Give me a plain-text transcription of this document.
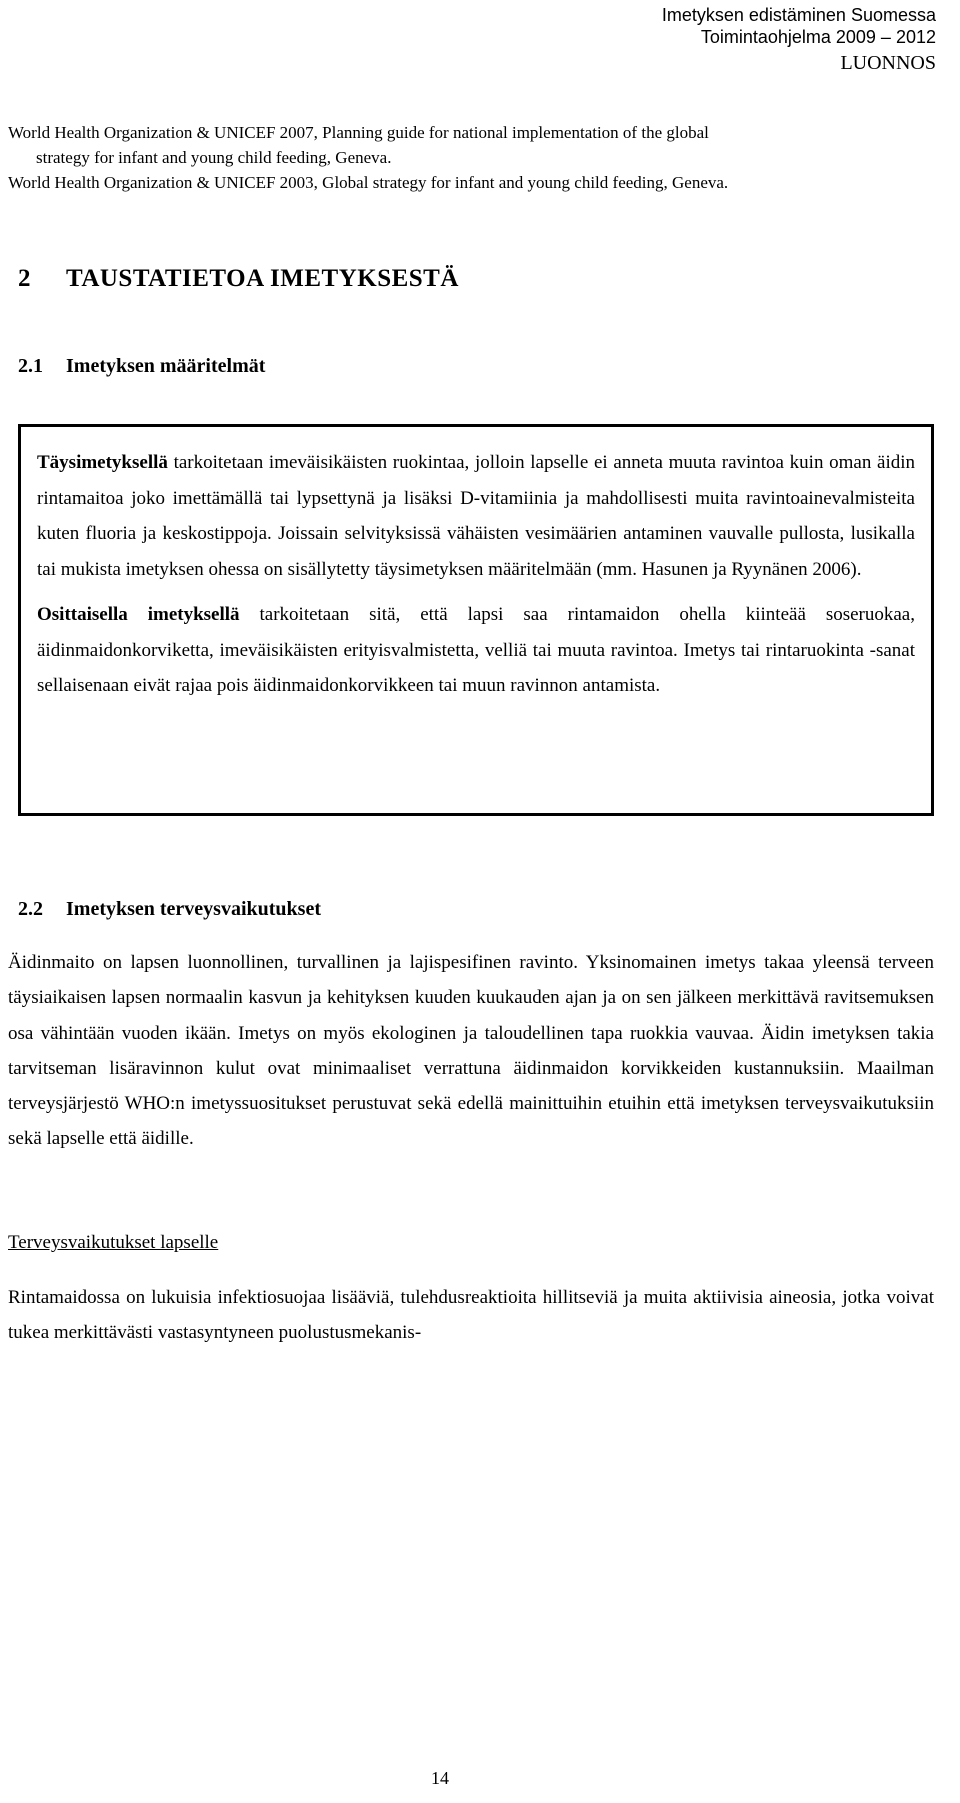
Imetyksen edistäminen Suomessa
Toimintaohjelma 2009 – 2012
LUONNOS

World Health Organization & UNICEF 2007, Planning guide for national implementation of the global
strategy for infant and young child feeding, Geneva.

World Health Organization & UNICEF 2003, Global strategy for infant and young child feeding, Geneva.

2 TAUSTATIETOA IMETYKSESTÄ
2.1 Imetyksen määritelmät

Täysimetyksellä tarkoitetaan imeväisikäisten ruokintaa, jolloin lapselle ei anneta muuta ravintoa kuin oman äidin rintamaitoa joko imettämällä tai lypsettynä ja lisäksi D-vitamiinia ja mahdollisesti muita ravintoainevalmisteita kuten fluoria ja keskostippoja. Joissain selvityksissä vähäisten vesimäärien antaminen vauvalle pullosta, lusikalla tai mukista imetyksen ohessa on sisällytetty täysimetyksen määritelmään (mm. Hasunen ja Ryynänen 2006).

Osittaisella imetyksellä tarkoitetaan sitä, että lapsi saa rintamaidon ohella kiinteää soseruokaa, äidinmaidonkorviketta, imeväisikäisten erityisvalmistetta, velliä tai muuta ravintoa. Imetys tai rintaruokinta -sanat sellaisenaan eivät rajaa pois äidinmaidonkorvikkeen tai muun ravinnon antamista.

2.2 Imetyksen terveysvaikutukset

Äidinmaito on lapsen luonnollinen, turvallinen ja lajispesifinen ravinto. Yksinomainen imetys takaa yleensä terveen täysiaikaisen lapsen normaalin kasvun ja kehityksen kuuden kuukauden ajan ja on sen jälkeen merkittävä ravitsemuksen osa vähintään vuoden ikään. Imetys on myös ekologinen ja taloudellinen tapa ruokkia vauvaa. Äidin imetyksen takia tarvitseman lisäravinnon kulut ovat minimaaliset verrattuna äidinmaidon korvikkeiden kustannuksiin. Maailman terveysjärjestö WHO:n imetyssuositukset perustuvat sekä edellä mainittuihin etuihin että imetyksen terveysvaikutuksiin sekä lapselle että äidille.

Terveysvaikutukset lapselle

Rintamaidossa on lukuisia infektiosuojaa lisääviä, tulehdusreaktioita hillitseviä ja muita aktiivisia aineosia, jotka voivat tukea merkittävästi vastasyntyneen puolustusmekanis-

14
